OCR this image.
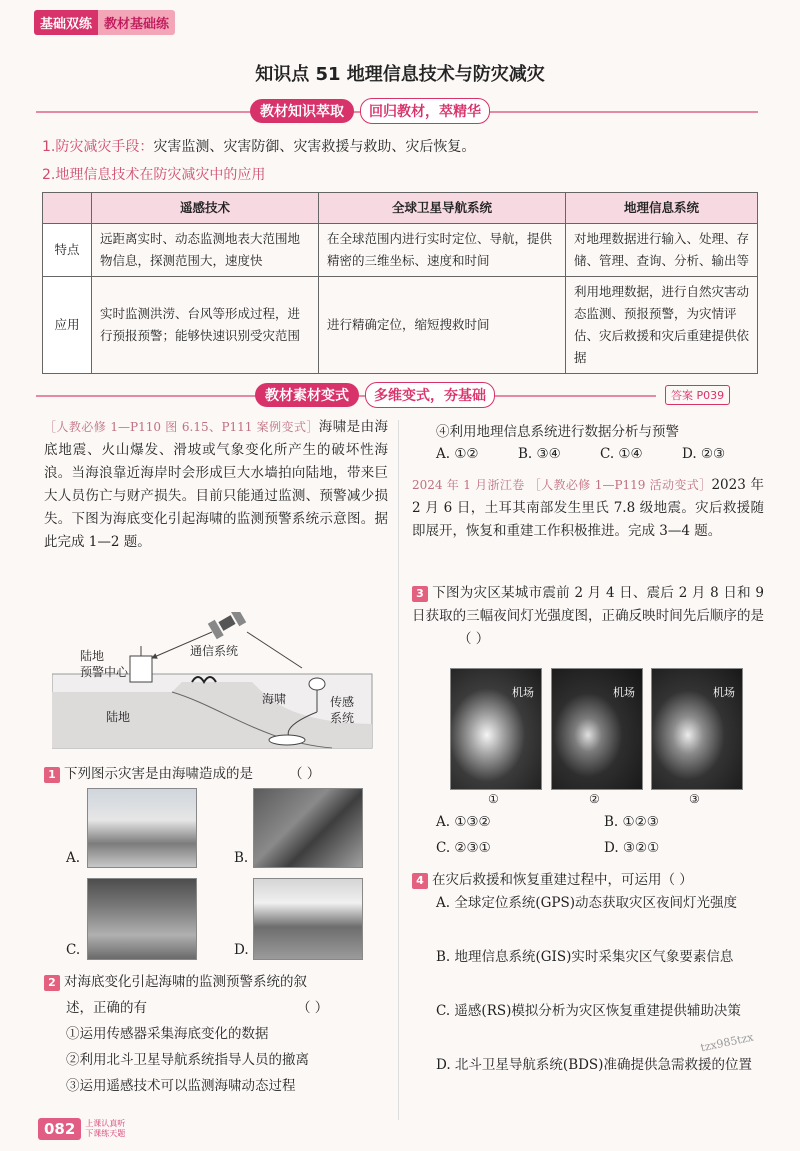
基础双练 教材基础练
知识点 51 地理信息技术与防灾减灾
教材知识萃取	回归教材，萃精华
1.防灾减灾手段：灾害监测、灾害防御、灾害救援与救助、灾后恢复。
2.地理信息技术在防灾减灾中的应用
	遥感技术	全球卫星导航系统	地理信息系统
特点	远距离实时、动态监测地表大范围地物信息，探测范围大，速度快	在全球范围内进行实时定位、导航，提供精密的三维坐标、速度和时间	对地理数据进行输入、处理、存储、管理、查询、分析、输出等
应用	实时监测洪涝、台风等形成过程，进行预报预警；能够快速识别受灾范围	进行精确定位，缩短搜救时间	利用地理数据，进行自然灾害动态监测、预报预警，为灾情评估、灾后救援和灾后重建提供依据
教材素材变式	多维变式，夯基础	答案 P039
［人教必修 1—P110 图 6.15、P111 案例变式］海啸是由海底地震、火山爆发、滑坡或气象变化所产生的破坏性海浪。当海浪靠近海岸时会形成巨大水墙拍向陆地，带来巨大人员伤亡与财产损失。目前只能通过监测、预警减少损失。下图为海底变化引起海啸的监测预警系统示意图。据此完成 1—2 题。
陆地
预警中心
通信系统
海啸	传感
系统
陆地
1 下列图示灾害是由海啸造成的是	（ ）
A.	B.
C.	D.
2 对海底变化引起海啸的监测预警系统的叙
述，正确的有	（ ）
①运用传感器采集海底变化的数据
②利用北斗卫星导航系统指导人员的撤离
③运用遥感技术可以监测海啸动态过程
④利用地理信息系统进行数据分析与预警
A. ①②	B. ③④	C. ①④	D. ②③
2024 年 1 月浙江卷 ［人教必修 1—P119 活动变式］2023 年 2 月 6 日，土耳其南部发生里氏 7.8 级地震。灾后救援随即展开，恢复和重建工作积极推进。完成 3—4 题。
3 下图为灾区某城市震前 2 月 4 日、震后 2 月 8 日和 9 日获取的三幅夜间灯光强度图，正确反映时间先后顺序的是（ ）
机场	机场	机场
①	②	③
A. ①③②	B. ①②③
C. ②③①	D. ③②①
4 在灾后救援和恢复重建过程中，可运用（ ）
A. 全球定位系统(GPS)动态获取灾区夜间灯光强度
B. 地理信息系统(GIS)实时采集灾区气象要素信息
C. 遥感(RS)模拟分析为灾区恢复重建提供辅助决策
D. 北斗卫星导航系统(BDS)准确提供急需救援的位置
tzx985tzx
082	上课认真听
下课练天题
